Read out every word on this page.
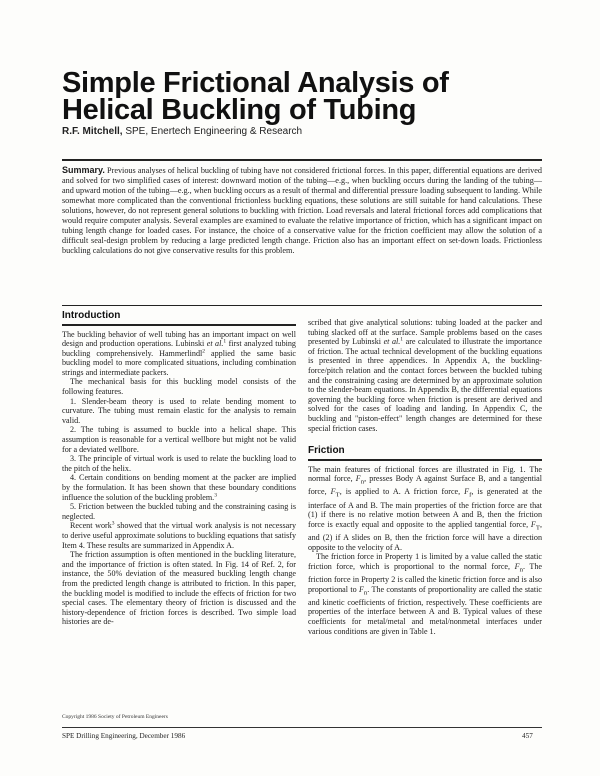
Simple Frictional Analysis of
Helical Buckling of Tubing
R.F. Mitchell, SPE, Enertech Engineering & Research
Summary. Previous analyses of helical buckling of tubing have not considered frictional forces. In this paper, differential equations are derived and solved for two simplified cases of interest: downward motion of the tubing—e.g., when buckling occurs during the landing of the tubing—and upward motion of the tubing—e.g., when buckling occurs as a result of thermal and differential pressure loading subsequent to landing. While somewhat more complicated than the conventional frictionless buckling equations, these solutions are still suitable for hand calculations. These solutions, however, do not represent general solutions to buckling with friction. Load reversals and lateral frictional forces add complications that would require computer analysis. Several examples are examined to evaluate the relative importance of friction, which has a significant impact on tubing length change for loaded cases. For instance, the choice of a conservative value for the friction coefficient may allow the solution of a difficult seal-design problem by reducing a large predicted length change. Friction also has an important effect on set-down loads. Frictionless buckling calculations do not give conservative results for this problem.
Introduction

The buckling behavior of well tubing has an important impact on well design and production operations. Lubinski et al.$^1$ first analyzed tubing buckling comprehensively. Hammerlindl$^2$ applied the same basic buckling model to more complicated situations, including combination strings and intermediate packers.

The mechanical basis for this buckling model consists of the following features.

1. Slender-beam theory is used to relate bending moment to curvature. The tubing must remain elastic for the analysis to remain valid.

2. The tubing is assumed to buckle into a helical shape. This assumption is reasonable for a vertical wellbore but might not be valid for a deviated wellbore.

3. The principle of virtual work is used to relate the buckling load to the pitch of the helix.

4. Certain conditions on bending moment at the packer are implied by the formulation. It has been shown that these boundary conditions influence the solution of the buckling problem.$^3$

5. Friction between the buckled tubing and the constraining casing is neglected.

Recent work$^3$ showed that the virtual work analysis is not necessary to derive useful approximate solutions to buckling equations that satisfy Item 4. These results are summarized in Appendix A.

The friction assumption is often mentioned in the buckling literature, and the importance of friction is often stated. In Fig. 14 of Ref. 2, for instance, the 50% deviation of the measured buckling length change from the predicted length change is attributed to friction. In this paper, the buckling model is modified to include the effects of friction for two special cases. The elementary theory of friction is discussed and the history-dependence of friction forces is described. Two simple load histories are de-

scribed that give analytical solutions: tubing loaded at the packer and tubing slacked off at the surface. Sample problems based on the cases presented by Lubinski et al.$^1$ are calculated to illustrate the importance of friction. The actual technical development of the buckling equations is presented in three appendices. In Appendix A, the buckling-force/pitch relation and the contact forces between the buckled tubing and the constraining casing are determined by an approximate solution to the slender-beam equations. In Appendix B, the differential equations governing the buckling force when friction is present are derived and solved for the cases of loading and landing. In Appendix C, the buckling and "piston-effect" length changes are determined for these special friction cases.

Friction

The main features of frictional forces are illustrated in Fig. 1. The normal force, $F_n$, presses Body A against Surface B, and a tangential force, $F_T$, is applied to A. A friction force, $F_f$, is generated at the interface of A and B. The main properties of the friction force are that (1) if there is no relative motion between A and B, then the friction force is exactly equal and opposite to the applied tangential force, $F_T$, and (2) if A slides on B, then the friction force will have a direction opposite to the velocity of A.

The friction force in Property 1 is limited by a value called the static friction force, which is proportional to the normal force, $F_n$. The friction force in Property 2 is called the kinetic friction force and is also proportional to $F_n$. The constants of proportionality are called the static and kinetic coefficients of friction, respectively. These coefficients are properties of the interface between A and B. Typical values of these coefficients for metal/metal and metal/nonmetal interfaces under various conditions are given in Table 1.

Copyright 1986 Society of Petroleum Engineers
SPE Drilling Engineering, December 1986	457
